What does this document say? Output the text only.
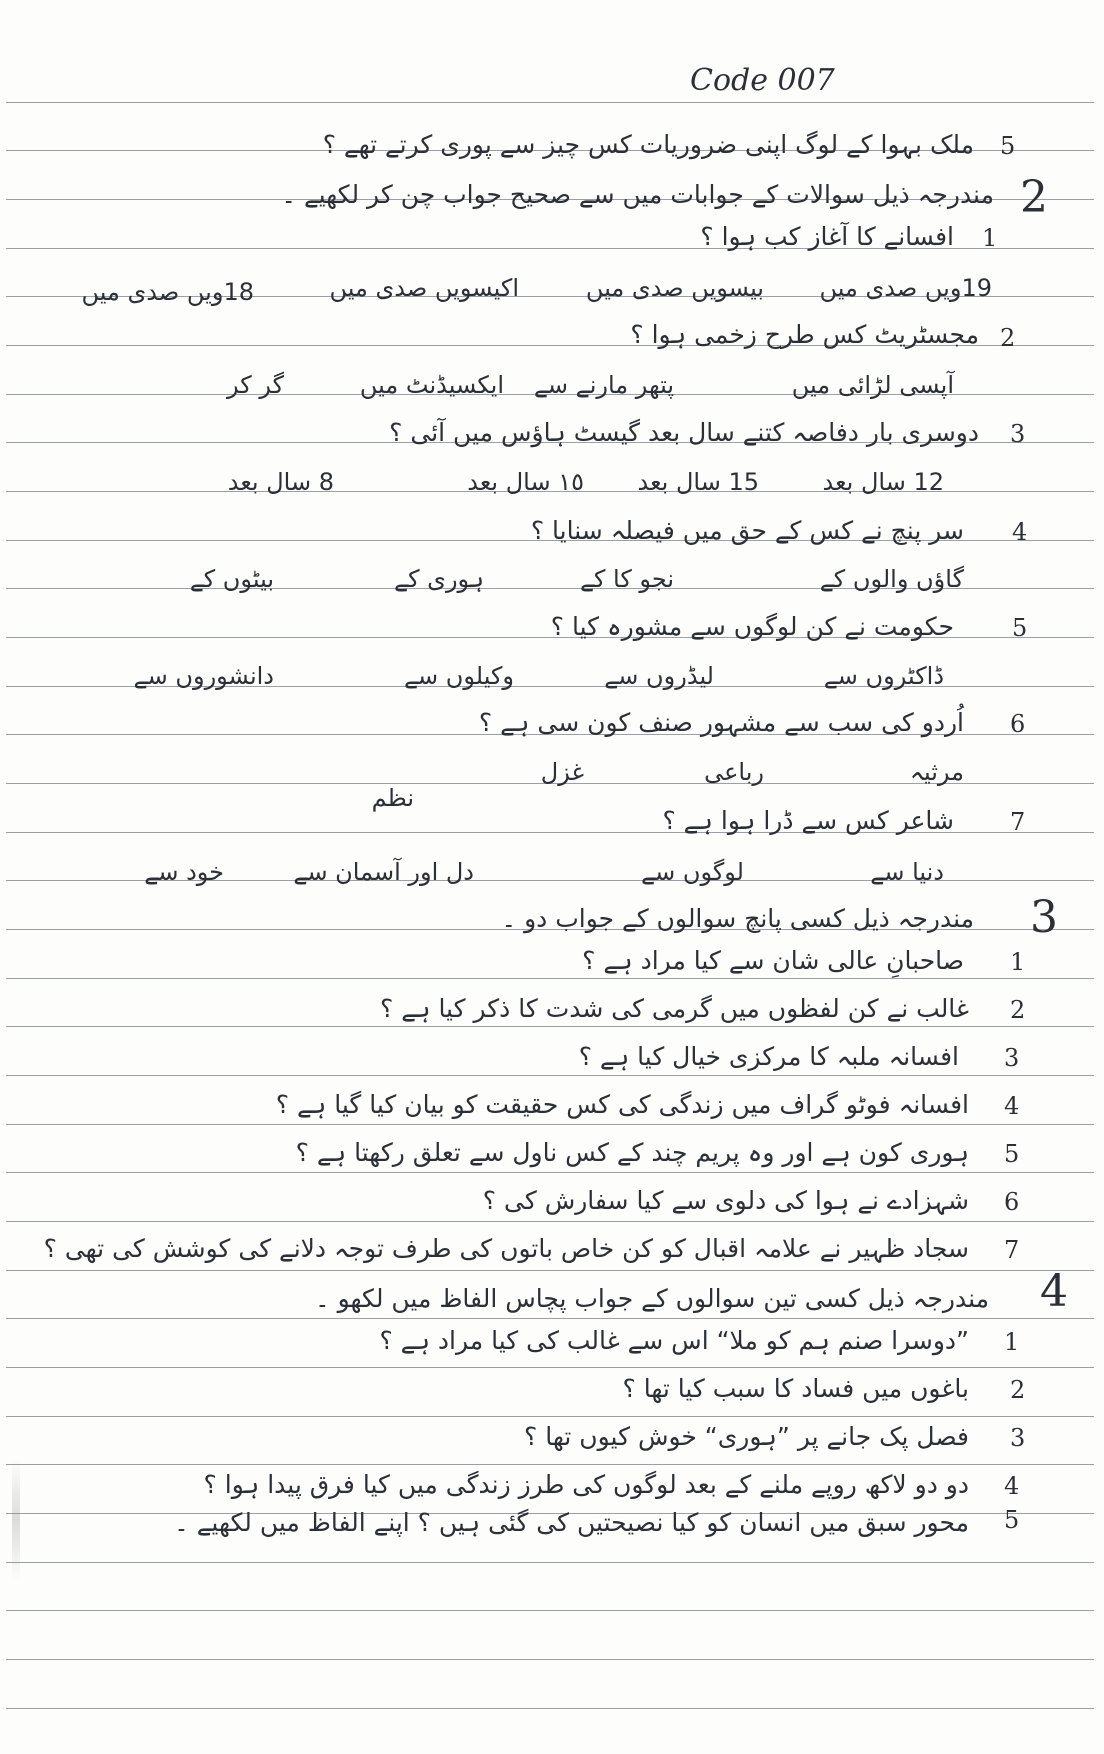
Code 007
5
ملک بہوا کے لوگ اپنی ضروریات کس چیز سے پوری کرتے تھے ؟
2
مندرجہ ذیل سوالات کے جوابات میں سے صحیح جواب چن کر لکھیے ۔
1
افسانے کا آغاز کب ہوا ؟
19ویں صدی میں
بیسویں صدی میں
اکیسویں صدی میں
18ویں صدی میں
2
مجسٹریٹ کس طرح زخمی ہوا ؟
گر کر	ایکسیڈنٹ میں پتھر مارنے سے	آپسی لڑائی میں
3
دوسری بار دفاصہ کتنے سال بعد گیسٹ ہاؤس میں آئی ؟
12 سال بعد
15 سال بعد
١٥ سال بعد
8 سال بعد
4
سر پنچ نے کس کے حق میں فیصلہ سنایا ؟
گاؤں والوں کے
نجو کا کے
ہوری کے
بیٹوں کے
5
حکومت نے کن لوگوں سے مشورہ کیا ؟
ڈاکٹروں سے
لیڈروں سے
وکیلوں سے
دانشوروں سے
6
اُردو کی سب سے مشہور صنف کون سی ہے ؟
مرثیہ
رباعی
غزل
نظم
7
شاعر کس سے ڈرا ہوا ہے ؟
دنیا سے
لوگوں سے
دل اور آسمان سے
خود سے
3
مندرجہ ذیل کسی پانچ سوالوں کے جواب دو ۔
1
صاحبانِ عالی شان سے کیا مراد ہے ؟
2
غالب نے کن لفظوں میں گرمی کی شدت کا ذکر کیا ہے ؟
3
افسانہ ملبہ کا مرکزی خیال کیا ہے ؟
4
افسانہ فوٹو گراف میں زندگی کی کس حقیقت کو بیان کیا گیا ہے ؟
5
ہوری کون ہے اور وہ پریم چند کے کس ناول سے تعلق رکھتا ہے ؟
6
شہزادے نے ہوا کی دلوی سے کیا سفارش کی ؟
7
سجاد ظہیر نے علامہ اقبال کو کن خاص باتوں کی طرف توجہ دلانے کی کوشش کی تھی ؟
4
مندرجہ ذیل کسی تین سوالوں کے جواب پچاس الفاظ میں لکھو ۔
1
”دوسرا صنم ہم کو ملا“ اس سے غالب کی کیا مراد ہے ؟
2
باغوں میں فساد کا سبب کیا تھا ؟
3
فصل پک جانے پر ”ہوری“ خوش کیوں تھا ؟
4
دو دو لاکھ روپے ملنے کے بعد لوگوں کی طرز زندگی میں کیا فرق پیدا ہوا ؟
5
محور سبق میں انسان کو کیا نصیحتیں کی گئی ہیں ؟ اپنے الفاظ میں لکھیے ۔
